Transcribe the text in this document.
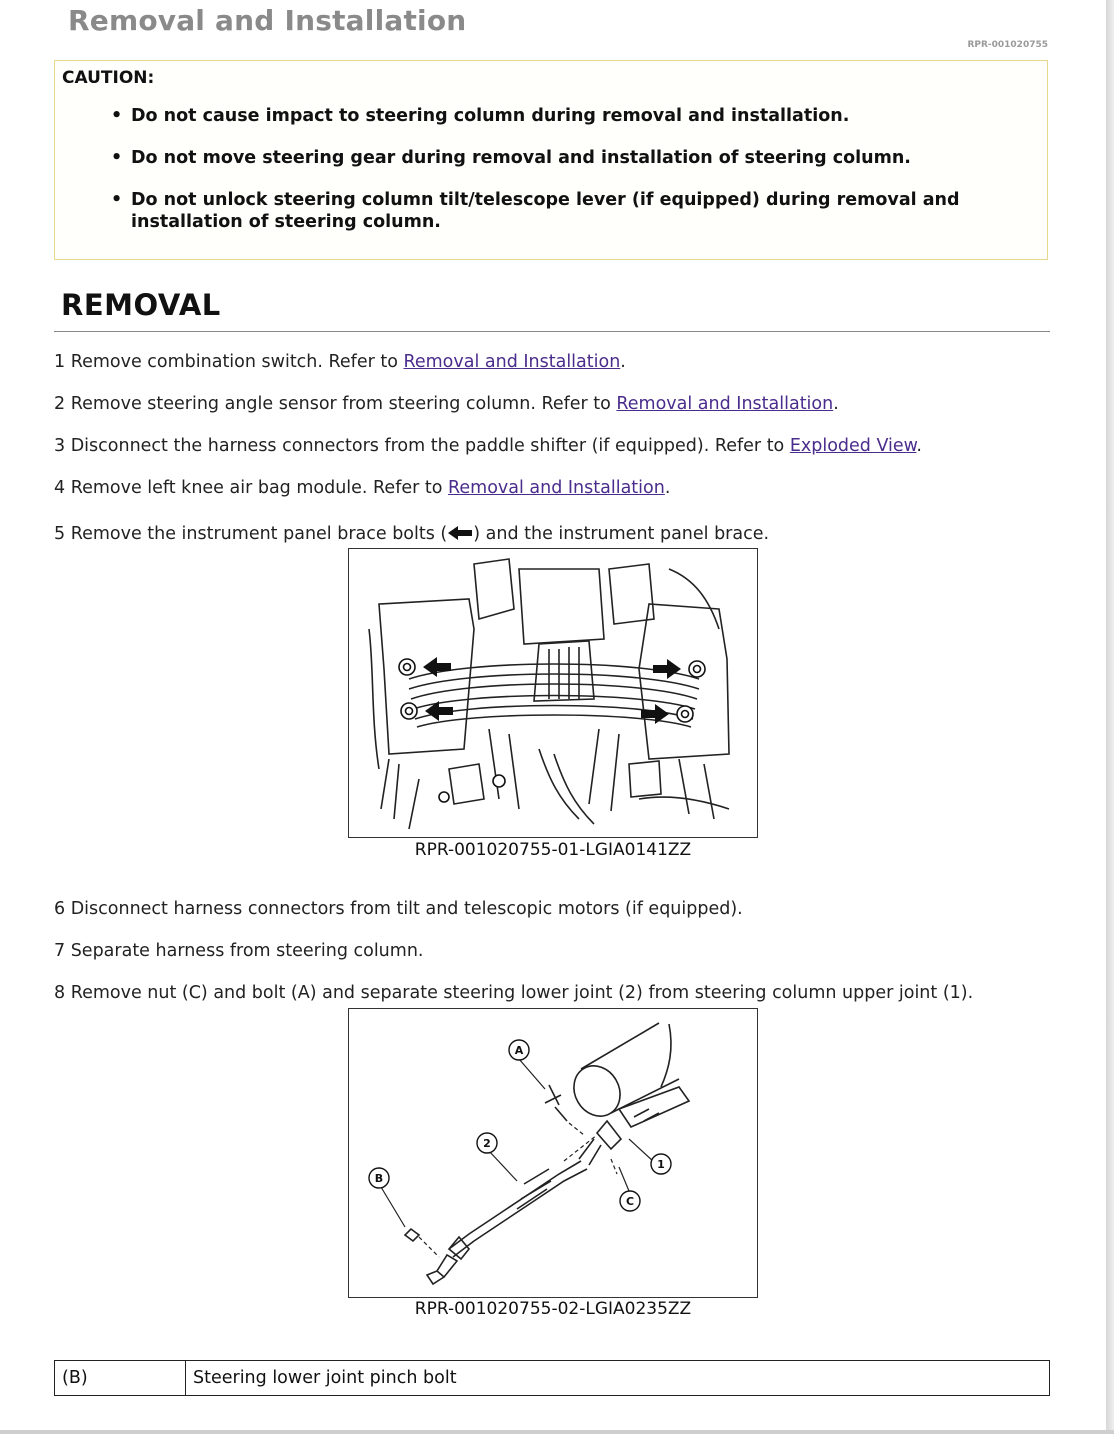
Removal and Installation
RPR-001020755
CAUTION:
• Do not cause impact to steering column during removal and installation.
• Do not move steering gear during removal and installation of steering column.
• Do not unlock steering column tilt/telescope lever (if equipped) during removal and installation of steering column.
REMOVAL
1 Remove combination switch. Refer to Removal and Installation.
2 Remove steering angle sensor from steering column. Refer to Removal and Installation.
3 Disconnect the harness connectors from the paddle shifter (if equipped). Refer to Exploded View.
4 Remove left knee air bag module. Refer to Removal and Installation.
5 Remove the instrument panel brace bolts ( ) and the instrument panel brace.
RPR-001020755-01-LGIA0141ZZ
6 Disconnect harness connectors from tilt and telescopic motors (if equipped).
7 Separate harness from steering column.
8 Remove nut (C) and bolt (A) and separate steering lower joint (2) from steering column upper joint (1).
A
2
1
B
C
RPR-001020755-02-LGIA0235ZZ
(B)	Steering lower joint pinch bolt
